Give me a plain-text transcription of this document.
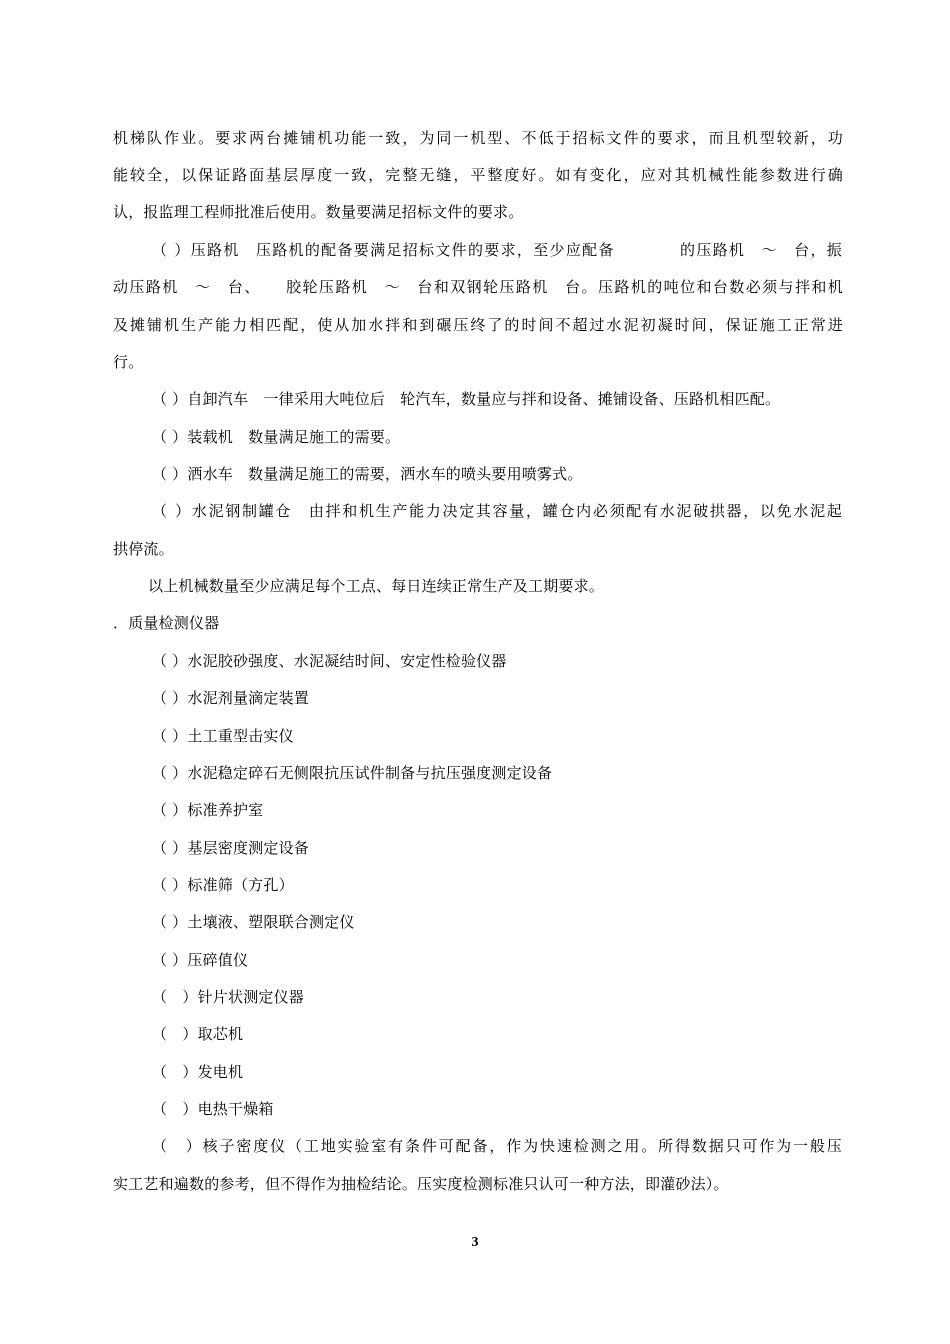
机梯队作业。要求两台摊铺机功能一致，为同一机型、不低于招标文件的要求，而且机型较新，功
能较全，以保证路面基层厚度一致，完整无缝，平整度好。如有变化，应对其机械性能参数进行确
认，报监理工程师批准后使用。数量要满足招标文件的要求。
（ ）压路机　压路机的配备要满足招标文件的要求，至少应配备　　　　的压路机　～　台，振
动压路机　～　台、　　胶轮压路机　～　台和双钢轮压路机　台。压路机的吨位和台数必须与拌和机
及摊铺机生产能力相匹配，使从加水拌和到碾压终了的时间不超过水泥初凝时间，保证施工正常进
行。
（ ）自卸汽车　一律采用大吨位后　轮汽车，数量应与拌和设备、摊铺设备、压路机相匹配。
（ ）装载机　数量满足施工的需要。
（ ）洒水车　数量满足施工的需要，洒水车的喷头要用喷雾式。
（ ）水泥钢制罐仓　由拌和机生产能力决定其容量，罐仓内必须配有水泥破拱器，以免水泥起
拱停流。
以上机械数量至少应满足每个工点、每日连续正常生产及工期要求。
．质量检测仪器
（ ）水泥胶砂强度、水泥凝结时间、安定性检验仪器
（ ）水泥剂量滴定装置
（ ）土工重型击实仪
（ ）水泥稳定碎石无侧限抗压试件制备与抗压强度测定设备
（ ）标准养护室
（ ）基层密度测定设备
（ ）标准筛（方孔）
（ ）土壤液、塑限联合测定仪
（ ）压碎值仪
（　）针片状测定仪器
（　）取芯机
（　）发电机
（　）电热干燥箱
（　）核子密度仪（工地实验室有条件可配备，作为快速检测之用。所得数据只可作为一般压
实工艺和遍数的参考，但不得作为抽检结论。压实度检测标准只认可一种方法，即灌砂法）。
3
